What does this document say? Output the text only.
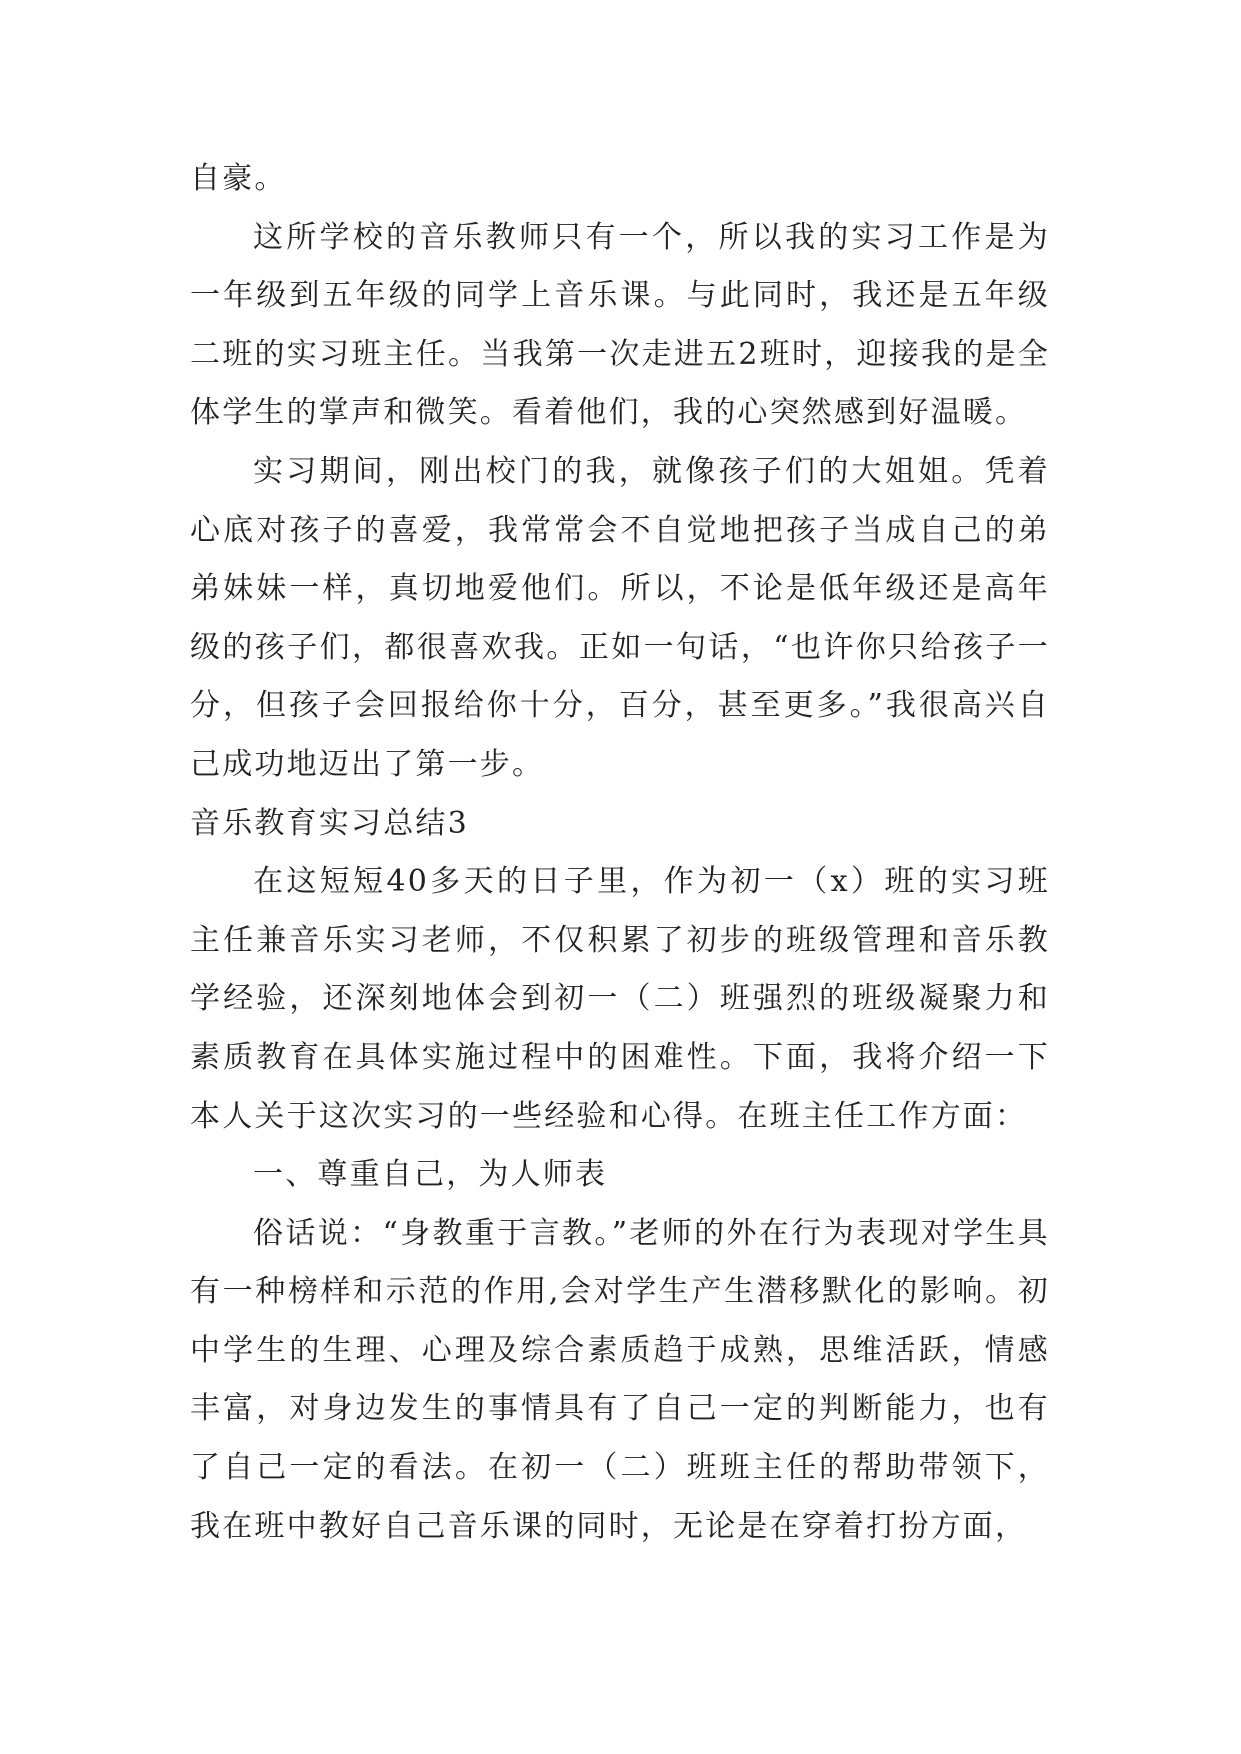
自豪。

这所学校的音乐教师只有一个，所以我的实习工作是为一年级到五年级的同学上音乐课。与此同时，我还是五年级二班的实习班主任。当我第一次走进五2班时，迎接我的是全体学生的掌声和微笑。看着他们，我的心突然感到好温暖。

实习期间，刚出校门的我，就像孩子们的大姐姐。凭着心底对孩子的喜爱，我常常会不自觉地把孩子当成自己的弟弟妹妹一样，真切地爱他们。所以，不论是低年级还是高年级的孩子们，都很喜欢我。正如一句话，“也许你只给孩子一分，但孩子会回报给你十分，百分，甚至更多。”我很高兴自己成功地迈出了第一步。

音乐教育实习总结3

在这短短40多天的日子里，作为初一（x）班的实习班主任兼音乐实习老师，不仅积累了初步的班级管理和音乐教学经验，还深刻地体会到初一（二）班强烈的班级凝聚力和素质教育在具体实施过程中的困难性。下面，我将介绍一下本人关于这次实习的一些经验和心得。在班主任工作方面：

一、尊重自己，为人师表

俗话说：“身教重于言教。”老师的外在行为表现对学生具有一种榜样和示范的作用,会对学生产生潜移默化的影响。初中学生的生理、心理及综合素质趋于成熟，思维活跃，情感丰富，对身边发生的事情具有了自己一定的判断能力，也有了自己一定的看法。在初一（二）班班主任的帮助带领下，我在班中教好自己音乐课的同时，无论是在穿着打扮方面，
